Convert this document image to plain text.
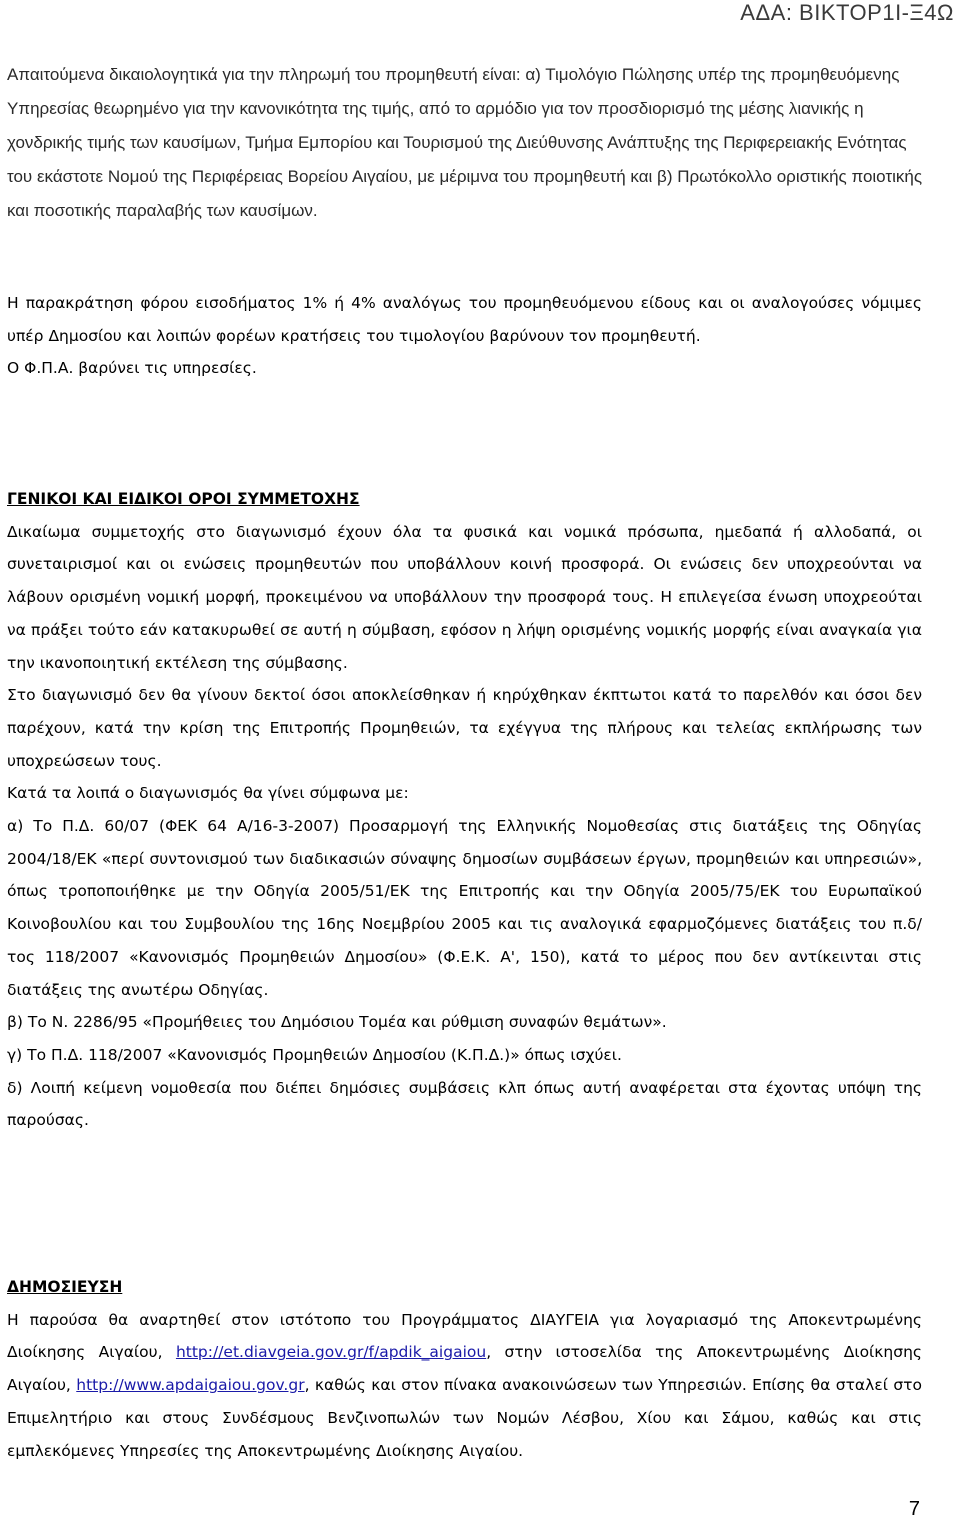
ΑΔΑ: ΒΙΚΤΟΡ1Ι-Ξ4Ω

Απαιτούμενα δικαιολογητικά για την πληρωμή του προμηθευτή είναι: α) Τιμολόγιο Πώλησης υπέρ της προμηθευόμενης Υπηρεσίας θεωρημένο για την κανονικότητα της τιμής, από το αρμόδιο για τον προσδιορισμό της μέσης λιανικής η χονδρικής τιμής των καυσίμων, Τμήμα Εμπορίου και Τουρισμού της Διεύθυνσης Ανάπτυξης της Περιφερειακής Ενότητας του εκάστοτε Νομού της Περιφέρειας Βορείου Αιγαίου, με μέριμνα του προμηθευτή και β) Πρωτόκολλο οριστικής ποιοτικής και ποσοτικής παραλαβής των καυσίμων.

Η παρακράτηση φόρου εισοδήματος 1% ή 4% αναλόγως του προμηθευόμενου είδους και οι αναλογούσες νόμιμες υπέρ Δημοσίου και λοιπών φορέων κρατήσεις του τιμολογίου βαρύνουν τον προμηθευτή.

Ο Φ.Π.Α. βαρύνει τις υπηρεσίες.

ΓΕΝΙΚΟΙ ΚΑΙ ΕΙΔΙΚΟΙ ΟΡΟΙ ΣΥΜΜΕΤΟΧΗΣ

Δικαίωμα συμμετοχής στο διαγωνισμό έχουν όλα τα φυσικά και νομικά πρόσωπα, ημεδαπά ή αλλοδαπά, οι συνεταιρισμοί και οι ενώσεις προμηθευτών που υποβάλλουν κοινή προσφορά. Οι ενώσεις δεν υποχρεούνται να λάβουν ορισμένη νομική μορφή, προκειμένου να υποβάλλουν την προσφορά τους. Η επιλεγείσα ένωση υποχρεούται να πράξει τούτο εάν κατακυρωθεί σε αυτή η σύμβαση, εφόσον η λήψη ορισμένης νομικής μορφής είναι αναγκαία για την ικανοποιητική εκτέλεση της σύμβασης.

Στο διαγωνισμό δεν θα γίνουν δεκτοί όσοι αποκλείσθηκαν ή κηρύχθηκαν έκπτωτοι κατά το παρελθόν και όσοι δεν παρέχουν, κατά την κρίση της Επιτροπής Προμηθειών, τα εχέγγυα της πλήρους και τελείας εκπλήρωσης των υποχρεώσεων τους.

Κατά τα λοιπά ο διαγωνισμός θα γίνει σύμφωνα με:

α) Το Π.Δ. 60/07 (ΦΕΚ 64 Α/16-3-2007) Προσαρμογή της Ελληνικής Νομοθεσίας στις διατάξεις της Οδηγίας 2004/18/ΕΚ «περί συντονισμού των διαδικασιών σύναψης δημοσίων συμβάσεων έργων, προμηθειών και υπηρεσιών», όπως τροποποιήθηκε με την Οδηγία 2005/51/ΕΚ της Επιτροπής και την Οδηγία 2005/75/ΕΚ του Ευρωπαϊκού Κοινοβουλίου και του Συμβουλίου της 16ης Νοεμβρίου 2005 και τις αναλογικά εφαρμοζόμενες διατάξεις του π.δ/τος 118/2007 «Κανονισμός Προμηθειών Δημοσίου» (Φ.Ε.Κ. Α', 150), κατά το μέρος που δεν αντίκεινται στις διατάξεις της ανωτέρω Οδηγίας.

β) Το Ν. 2286/95 «Προμήθειες του Δημόσιου Τομέα και ρύθμιση συναφών θεμάτων».

γ) Το Π.Δ. 118/2007 «Κανονισμός Προμηθειών Δημοσίου (Κ.Π.Δ.)» όπως ισχύει.

δ) Λοιπή κείμενη νομοθεσία που διέπει δημόσιες συμβάσεις κλπ όπως αυτή αναφέρεται στα έχοντας υπόψη της παρούσας.

ΔΗΜΟΣΙΕΥΣΗ

Η παρούσα θα αναρτηθεί στον ιστότοπο του Προγράμματος ΔΙΑΥΓΕΙΑ για λογαριασμό της Αποκεντρωμένης Διοίκησης Αιγαίου, http://et.diavgeia.gov.gr/f/apdik_aigaiou, στην ιστοσελίδα της Αποκεντρωμένης Διοίκησης Αιγαίου, http://www.apdaigaiou.gov.gr, καθώς και στον πίνακα ανακοινώσεων των Υπηρεσιών. Επίσης θα σταλεί στο Επιμελητήριο και στους Συνδέσμους Βενζινοπωλών των Νομών Λέσβου, Χίου και Σάμου, καθώς και στις εμπλεκόμενες Υπηρεσίες της Αποκεντρωμένης Διοίκησης Αιγαίου.

7
